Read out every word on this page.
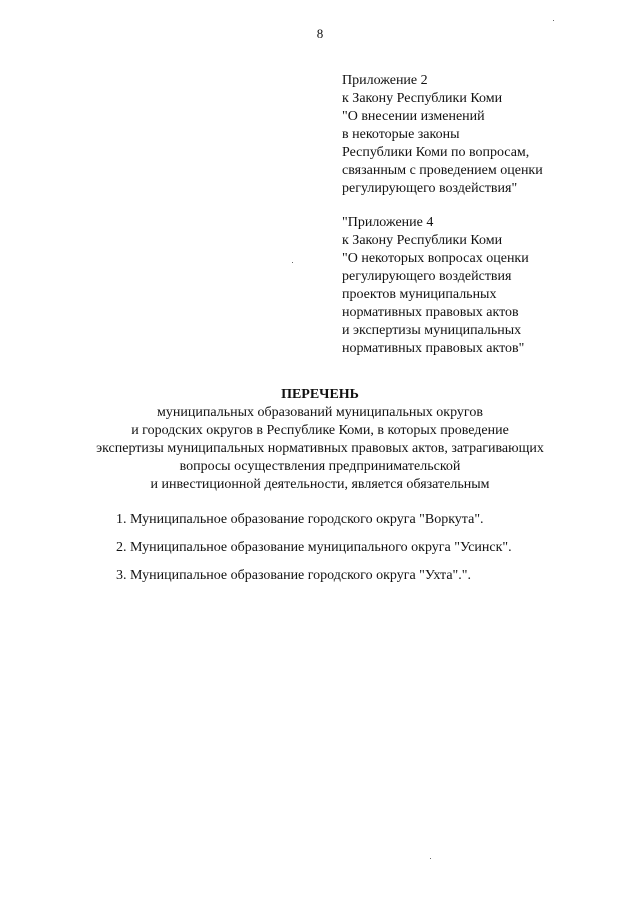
8
Приложение 2
к Закону Республики Коми
"О внесении изменений
в некоторые законы
Республики Коми по вопросам,
связанным с проведением оценки
регулирующего воздействия"
"Приложение 4
к Закону Республики Коми
"О некоторых вопросах оценки
регулирующего воздействия
проектов муниципальных
нормативных правовых актов
и экспертизы муниципальных
нормативных правовых актов"
ПЕРЕЧЕНЬ
муниципальных образований муниципальных округов
и городских округов в Республике Коми, в которых проведение
экспертизы муниципальных нормативных правовых актов, затрагивающих
вопросы осуществления предпринимательской
и инвестиционной деятельности, является обязательным
1. Муниципальное образование городского округа "Воркута".
2. Муниципальное образование муниципального округа "Усинск".
3. Муниципальное образование городского округа "Ухта".".
